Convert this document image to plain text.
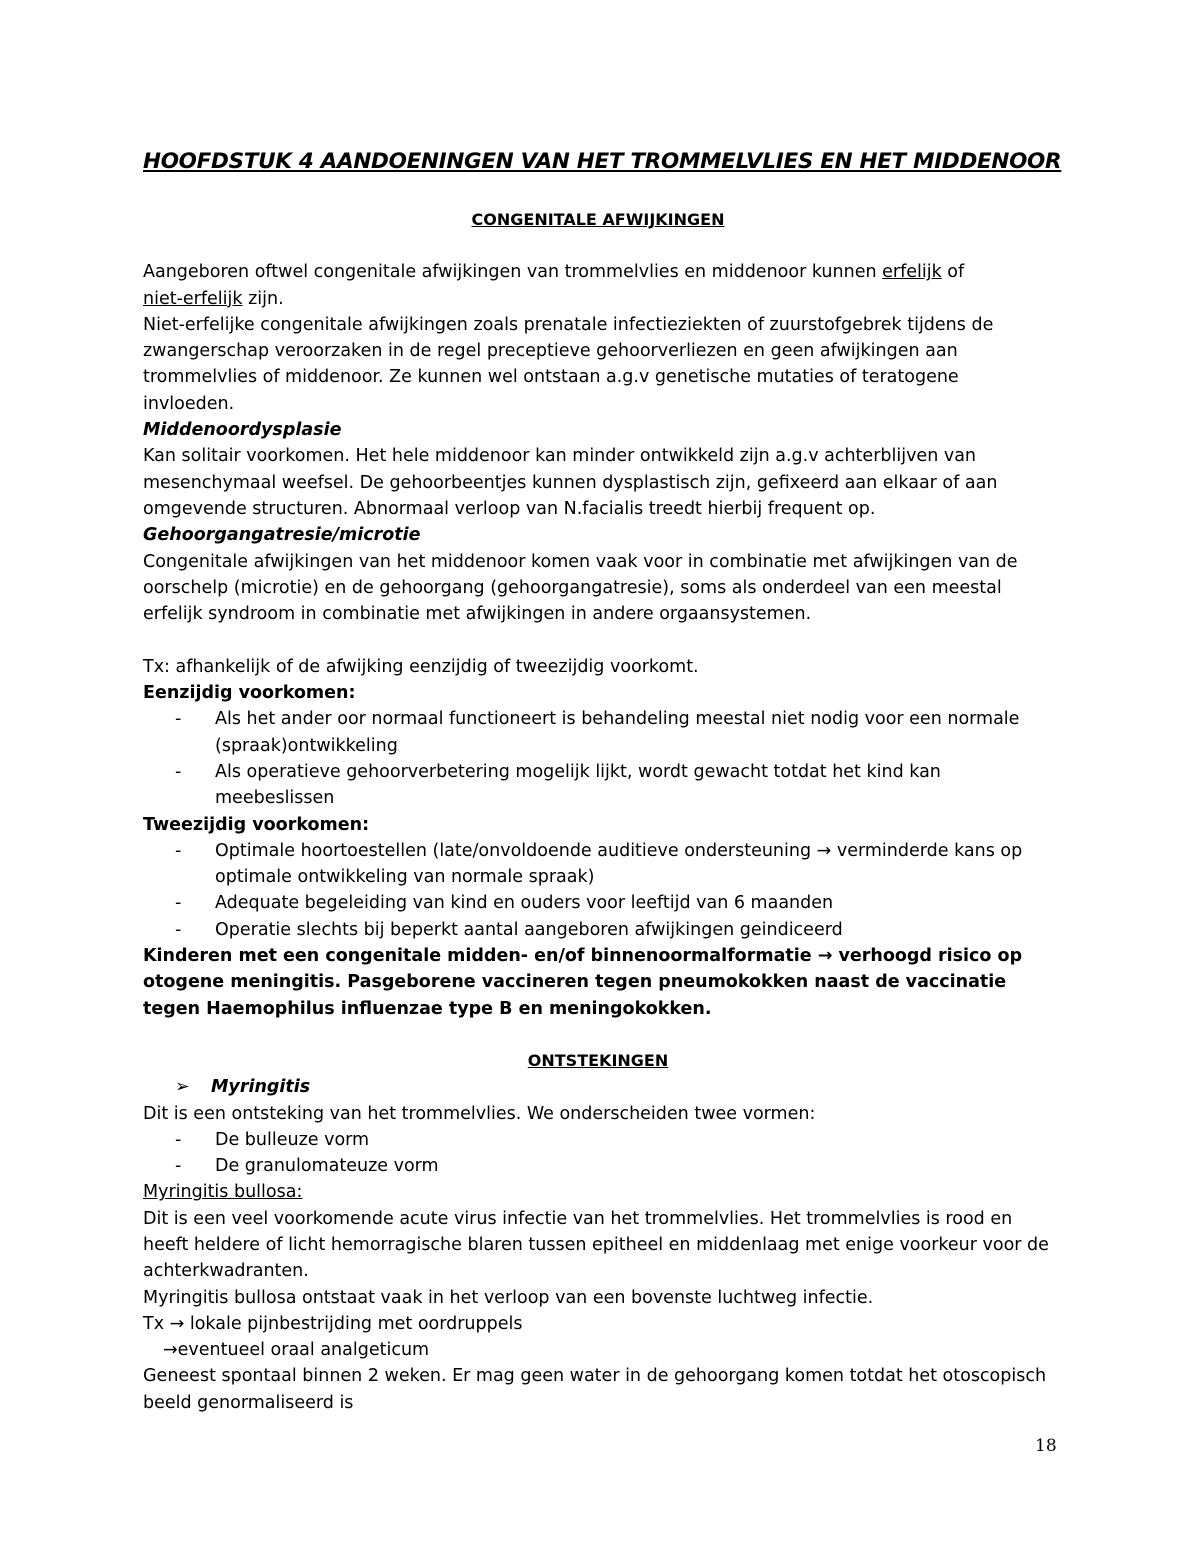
HOOFDSTUK 4 AANDOENINGEN VAN HET TROMMELVLIES EN HET MIDDENOOR
CONGENITALE AFWIJKINGEN

Aangeboren oftwel congenitale afwijkingen van trommelvlies en middenoor kunnen erfelijk of
niet-erfelijk zijn.

Niet-erfelijke congenitale afwijkingen zoals prenatale infectieziekten of zuurstofgebrek tijdens de zwangerschap veroorzaken in de regel preceptieve gehoorverliezen en geen afwijkingen aan trommelvlies of middenoor. Ze kunnen wel ontstaan a.g.v genetische mutaties of teratogene invloeden.

Middenoordysplasie

Kan solitair voorkomen. Het hele middenoor kan minder ontwikkeld zijn a.g.v achterblijven van mesenchymaal weefsel. De gehoorbeentjes kunnen dysplastisch zijn, gefixeerd aan elkaar of aan omgevende structuren. Abnormaal verloop van N.facialis treedt hierbij frequent op.

Gehoorgangatresie/microtie

Congenitale afwijkingen van het middenoor komen vaak voor in combinatie met afwijkingen van de oorschelp (microtie) en de gehoorgang (gehoorgangatresie), soms als onderdeel van een meestal erfelijk syndroom in combinatie met afwijkingen in andere orgaansystemen.

Tx: afhankelijk of de afwijking eenzijdig of tweezijdig voorkomt.

Eenzijdig voorkomen:

- Als het ander oor normaal functioneert is behandeling meestal niet nodig voor een normale (spraak)ontwikkeling
- Als operatieve gehoorverbetering mogelijk lijkt, wordt gewacht totdat het kind kan meebeslissen

Tweezijdig voorkomen:

- Optimale hoortoestellen (late/onvoldoende auditieve ondersteuning → verminderde kans op optimale ontwikkeling van normale spraak)
- Adequate begeleiding van kind en ouders voor leeftijd van 6 maanden
- Operatie slechts bij beperkt aantal aangeboren afwijkingen geindiceerd

Kinderen met een congenitale midden- en/of binnenoormalformatie → verhoogd risico op otogene meningitis. Pasgeborene vaccineren tegen pneumokokken naast de vaccinatie tegen Haemophilus influenzae type B en meningokokken.

ONTSTEKINGEN
➢ Myringitis

Dit is een ontsteking van het trommelvlies. We onderscheiden twee vormen:

- De bulleuze vorm
- De granulomateuze vorm

Myringitis bullosa:

Dit is een veel voorkomende acute virus infectie van het trommelvlies. Het trommelvlies is rood en heeft heldere of licht hemorragische blaren tussen epitheel en middenlaag met enige voorkeur voor de achterkwadranten.

Myringitis bullosa ontstaat vaak in het verloop van een bovenste luchtweg infectie.

Tx → lokale pijnbestrijding met oordruppels

→eventueel oraal analgeticum

Geneest spontaal binnen 2 weken. Er mag geen water in de gehoorgang komen totdat het otoscopisch beeld genormaliseerd is

18
